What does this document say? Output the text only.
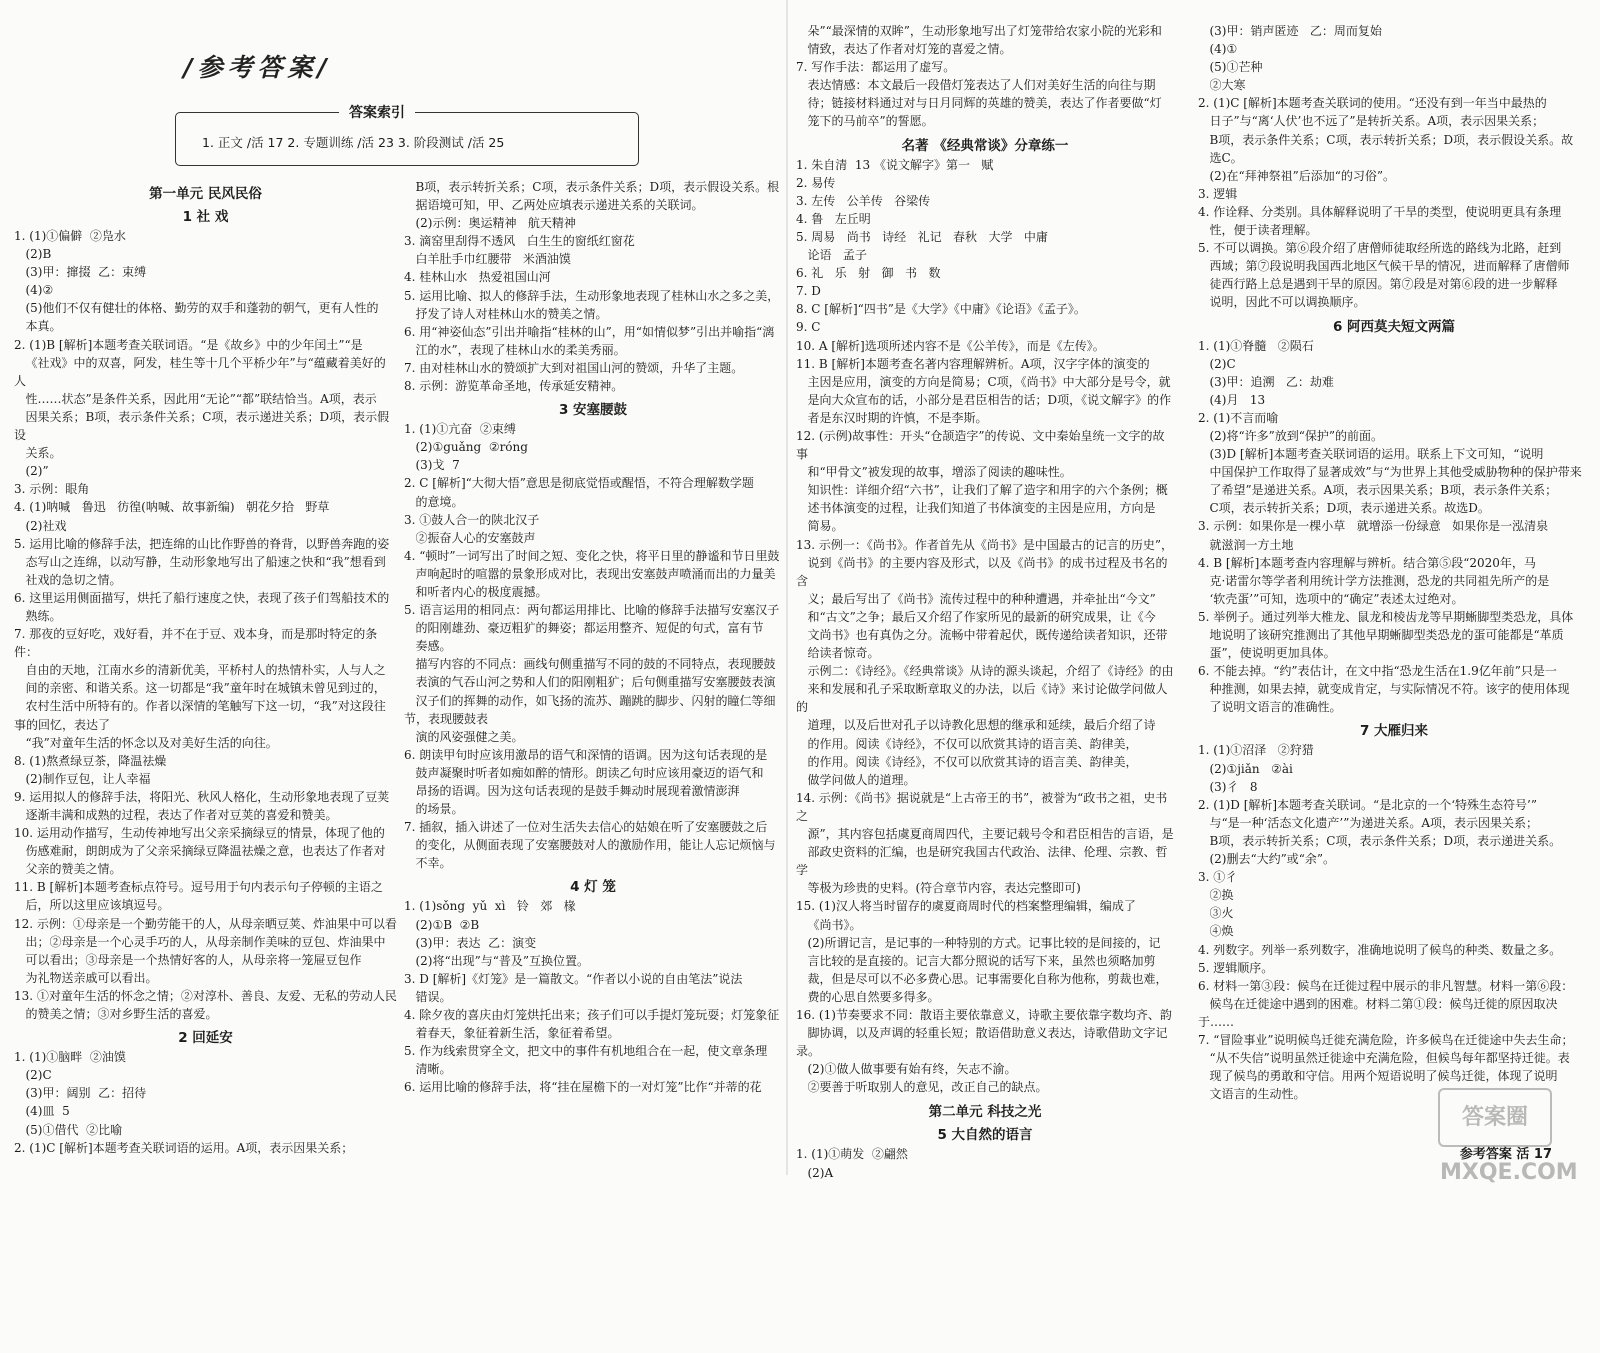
/参考答案/
答案索引
1. 正文 /活 17 2. 专题训练 /活 23 3. 阶段测试 /活 25
第一单元 民风民俗
1 社 戏

1. (1)①偏僻  ②凫水

(2)B

(3)甲：撺掇  乙：束缚

(4)②

(5)他们不仅有健壮的体格、勤劳的双手和蓬勃的朝气，更有人性的

本真。

2. (1)B [解析]本题考查关联词语。“是《故乡》中的少年闰土”“是

《社戏》中的双喜，阿发，桂生等十几个平桥少年”与“蕴藏着美好的人

性……状态”是条件关系，因此用“无论”“都”联结恰当。A项，表示

因果关系；B项，表示条件关系；C项，表示递进关系；D项，表示假设

关系。

(2)”

3. 示例：眼角

4. (1)呐喊   鲁迅   彷徨(呐喊、故事新编)   朝花夕拾   野草

(2)社戏

5. 运用比喻的修辞手法，把连绵的山比作野兽的脊背，以野兽奔跑的姿

态写山之连绵，以动写静，生动形象地写出了船速之快和“我”想看到

社戏的急切之情。

6. 这里运用侧面描写，烘托了船行速度之快，表现了孩子们驾船技术的

熟练。

7. 那夜的豆好吃，戏好看，并不在于豆、戏本身，而是那时特定的条件：

自由的天地，江南水乡的清新优美，平桥村人的热情朴实，人与人之

间的亲密、和谐关系。这一切都是“我”童年时在城镇未曾见到过的，

农村生活中所特有的。作者以深情的笔触写下这一切，“我”对这段往事的回忆，表达了

“我”对童年生活的怀念以及对美好生活的向往。

8. (1)熬煮绿豆茶，降温祛燥

(2)制作豆包，让人幸福

9. 运用拟人的修辞手法，将阳光、秋风人格化，生动形象地表现了豆荚

逐渐丰满和成熟的过程，表达了作者对豆荚的喜爱和赞美。

10. 运用动作描写，生动传神地写出父亲采摘绿豆的情景，体现了他的

伤感难耐，朗朗成为了父亲采摘绿豆降温祛燥之意，也表达了作者对

父亲的赞美之情。

11. B [解析]本题考查标点符号。逗号用于句内表示句子停顿的主语之

后，所以这里应该填逗号。

12. 示例：①母亲是一个勤劳能干的人，从母亲晒豆荚、炸油果中可以看

出；②母亲是一个心灵手巧的人，从母亲制作美味的豆包、炸油果中

可以看出；③母亲是一个热情好客的人，从母亲将一笼屉豆包作

为礼物送亲戚可以看出。

13. ①对童年生活的怀念之情；②对淳朴、善良、友爱、无私的劳动人民

的赞美之情；③对乡野生活的喜爱。

2 回延安

1. (1)①脑畔  ②油馍

(2)C

(3)甲：阔别  乙：招待

(4)皿  5

(5)①借代  ②比喻

2. (1)C [解析]本题考查关联词语的运用。A项，表示因果关系；

B项，表示转折关系；C项，表示条件关系；D项，表示假设关系。根

据语境可知，甲、乙两处应填表示递进关系的关联词。

(2)示例：奥运精神   航天精神

3. 滴窑里刮得不透风   白生生的窗纸红窗花

白羊肚手巾红腰带   米酒油馍

4. 桂林山水   热爱祖国山河

5. 运用比喻、拟人的修辞手法，生动形象地表现了桂林山水之多之美，

抒发了诗人对桂林山水的赞美之情。

6. 用“神姿仙态”引出并喻指“桂林的山”，用“如情似梦”引出并喻指“漓

江的水”，表现了桂林山水的柔美秀丽。

7. 由对桂林山水的赞颂扩大到对祖国山河的赞颂，升华了主题。

8. 示例：游览革命圣地，传承延安精神。

3 安塞腰鼓

1. (1)①亢奋  ②束缚

(2)①guǎng  ②róng

(3)戈  7

2. C [解析]“大彻大悟”意思是彻底觉悟或醒悟，不符合理解数学题

的意境。

3. ①鼓人合一的陕北汉子

②振奋人心的安塞鼓声

4. “顿时”一词写出了时间之短、变化之快，将平日里的静谧和节日里鼓

声响起时的喧嚣的景象形成对比，表现出安塞鼓声喷涌而出的力量美

和听者内心的极度震撼。

5. 语言运用的相同点：两句都运用排比、比喻的修辞手法描写安塞汉子

的阳刚雄劲、豪迈粗犷的舞姿；都运用整齐、短促的句式，富有节

奏感。

描写内容的不同点：画线句侧重描写不同的鼓的不同特点，表现腰鼓

表演的气吞山河之势和人们的阳刚粗犷；后句侧重描写安塞腰鼓表演

汉子们的挥舞的动作，如飞扬的流苏、蹦跳的脚步、闪射的瞳仁等细节，表现腰鼓表

演的风姿强健之美。

6. 朗读甲句时应该用激昂的语气和深情的语调。因为这句话表现的是

鼓声凝聚时听者如痴如醉的情形。朗读乙句时应该用豪迈的语气和

昂扬的语调。因为这句话表现的是鼓手舞动时展现着激情澎湃

的场景。

7. 插叙，插入讲述了一位对生活失去信心的姑娘在听了安塞腰鼓之后

的变化，从侧面表现了安塞腰鼓对人的激励作用，能让人忘记烦恼与

不幸。

4 灯 笼

1. (1)sǒng  yǔ  xì   铃   郊   椽

(2)①B  ②B

(3)甲：表达  乙：演变

(2)将“出现”与“普及”互换位置。

3. D [解析]《灯笼》是一篇散文。“作者以小说的自由笔法”说法

错误。

4. 除夕夜的喜庆由灯笼烘托出来；孩子们可以手提灯笼玩耍；灯笼象征

着春天，象征着新生活，象征着希望。

5. 作为线索贯穿全文，把文中的事件有机地组合在一起，使文章条理

清晰。

6. 运用比喻的修辞手法，将“挂在屋檐下的一对灯笼”比作“并蒂的花

朵”“最深情的双眸”，生动形象地写出了灯笼带给农家小院的光彩和

情致，表达了作者对灯笼的喜爱之情。

7. 写作手法：都运用了虚写。

表达情感：本文最后一段借灯笼表达了人们对美好生活的向往与期

待；链接材料通过对与日月同辉的英雄的赞美，表达了作者要做“灯

笼下的马前卒”的誓愿。

名著 《经典常谈》分章练一

1. 朱自清  13 《说文解字》第一   赋

2. 易传

3. 左传   公羊传   谷梁传

4. 鲁   左丘明

5. 周易   尚书   诗经   礼记   春秋   大学   中庸

论语   孟子

6. 礼   乐   射   御   书   数

7. D

8. C [解析]“四书”是《大学》《中庸》《论语》《孟子》。

9. C

10. A [解析]选项所述内容不是《公羊传》，而是《左传》。

11. B [解析]本题考查名著内容理解辨析。A项，汉字字体的演变的

主因是应用，演变的方向是简易；C项，《尚书》中大部分是号令，就

是向大众宣布的话，小部分是君臣相告的话；D项，《说文解字》的作

者是东汉时期的许慎，不是李斯。

12. (示例)故事性：开头“仓颉造字”的传说、文中秦始皇统一文字的故事

和“甲骨文”被发现的故事，增添了阅读的趣味性。

知识性：详细介绍“六书”，让我们了解了造字和用字的六个条例；概

述书体演变的过程，让我们知道了书体演变的主因是应用，方向是

简易。

13. 示例一：《尚书》。作者首先从《尚书》是中国最古的记言的历史”，

说到《尚书》的主要内容及形式，以及《尚书》的成书过程及书名的含

义；最后写出了《尚书》流传过程中的种种遭遇，并牵扯出“今文”

和“古文”之争；最后又介绍了作家所见的最新的研究成果，让《今

文尚书》也有真伪之分。流畅中带着起伏，既传递给读者知识，还带

给读者惊奇。

示例二：《诗经》。《经典常谈》从诗的源头谈起，介绍了《诗经》的由

来和发展和孔子采取断章取义的办法，以后《诗》来讨论做学问做人的

道理，以及后世对孔子以诗教化思想的继承和延续，最后介绍了诗

的作用。阅读《诗经》，不仅可以欣赏其诗的语言美、韵律美，

的作用。阅读《诗经》，不仅可以欣赏其诗的语言美、韵律美，

做学问做人的道理。

14. 示例：《尚书》据说就是“上古帝王的书”，被誉为“政书之祖，史书之

源”，其内容包括虞夏商周四代，主要记载号令和君臣相告的言语，是

部政史资料的汇编，也是研究我国古代政治、法律、伦理、宗教、哲学

等极为珍贵的史料。(符合章节内容，表达完整即可)

15. (1)汉人将当时留存的虞夏商周时代的档案整理编辑，编成了

《尚书》。

(2)所谓记言，是记事的一种特别的方式。记事比较的是间接的，记

言比较的是直接的。记言大都分照说的话写下来，虽然也须略加剪

裁，但是尽可以不必多费心思。记事需要化自称为他称，剪裁也难，

费的心思自然要多得多。

16. (1)节奏要求不同：散语主要依靠意义，诗歌主要依靠字数均齐、韵

脚协调，以及声调的轻重长短；散语借助意义表达，诗歌借助文字记录。

(2)①做人做事要有始有终，矢志不渝。

②要善于听取别人的意见，改正自己的缺点。

第二单元 科技之光
5 大自然的语言

1. (1)①萌发  ②翩然

(2)A

(3)甲：销声匿迹   乙：周而复始

(4)①

(5)①芒种

②大寒

2. (1)C [解析]本题考查关联词的使用。“还没有到一年当中最热的

日子”与“离‘人伏’也不远了”是转折关系。A项，表示因果关系；

B项，表示条件关系；C项，表示转折关系；D项，表示假设关系。故

选C。

(2)在“拜神祭祖”后添加“的习俗”。

3. 逻辑

4. 作诠释、分类别。具体解释说明了干旱的类型，使说明更具有条理

性，便于读者理解。

5. 不可以调换。第⑥段介绍了唐僧师徒取经所选的路线为北路，赶到

西域；第⑦段说明我国西北地区气候干旱的情况，进而解释了唐僧师

徒西行路上总是遇到干旱的原因。第⑦段是对第⑥段的进一步解释

说明，因此不可以调换顺序。

6 阿西莫夫短文两篇

1. (1)①脊髓   ②陨石

(2)C

(3)甲：追溯   乙：劫难

(4)月   13

2. (1)不言而喻

(2)将“许多”放到“保护”的前面。

(3)D [解析]本题考查关联词语的运用。联系上下文可知，“说明

中国保护工作取得了显著成效”与“为世界上其他受威胁物种的保护带来

了希望”是递进关系。A项，表示因果关系；B项，表示条件关系；

C项，表示转折关系；D项，表示递进关系。故选D。

3. 示例：如果你是一棵小草   就增添一份绿意   如果你是一泓清泉

就滋润一方土地

4. B [解析]本题考查内容理解与辨析。结合第⑤段“2020年，马

克·诺雷尔等学者利用统计学方法推测，恐龙的共同祖先所产的是

‘软壳蛋’”可知，选项中的“确定”表述太过绝对。

5. 举例子。通过列举大椎龙、鼠龙和棱齿龙等早期蜥脚型类恐龙，具体

地说明了该研究推测出了其他早期蜥脚型类恐龙的蛋可能都是“革质

蛋”，使说明更加具体。

6. 不能去掉。“约”表估计，在文中指“恐龙生活在1.9亿年前”只是一

种推测，如果去掉，就变成肯定，与实际情况不符。该字的使用体现

了说明文语言的准确性。

7 大雁归来

1. (1)①沼泽   ②狩猎

(2)①jiǎn   ②ài

(3)彳   8

2. (1)D [解析]本题考查关联词。“是北京的一个‘特殊生态符号’”

与“是一种‘活态文化遗产’”为递进关系。A项，表示因果关系；

B项，表示转折关系；C项，表示条件关系；D项，表示递进关系。

(2)删去“大约”或“余”。

3. ①彳

②换

③火

④焕

4. 列数字。列举一系列数字，准确地说明了候鸟的种类、数量之多。

5. 逻辑顺序。

6. 材料一第③段：候鸟在迁徙过程中展示的非凡智慧。材料一第⑥段：

候鸟在迁徙途中遇到的困难。材料二第①段：候鸟迁徙的原因取决于……

7. “冒险事业”说明候鸟迁徙充满危险，许多候鸟在迁徙途中失去生命；

“从不失信”说明虽然迁徙途中充满危险，但候鸟每年都坚持迁徙。表

现了候鸟的勇敢和守信。用两个短语说明了候鸟迁徙，体现了说明

文语言的生动性。

答案圈 MXQE.COM
参考答案 活 17
